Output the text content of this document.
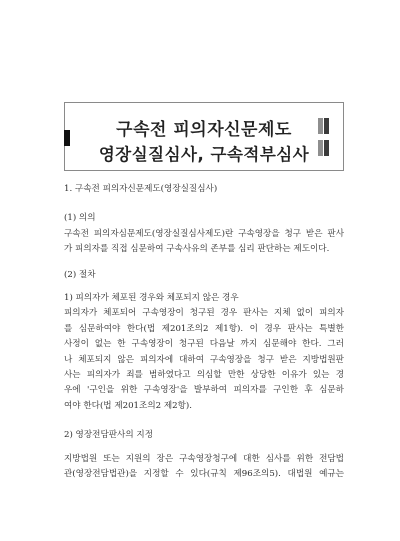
구속전 피의자신문제도
영장실질심사, 구속적부심사

1. 구속전 피의자신문제도(영장실질심사)

(1) 의의

구속전 피의자심문제도(영장실질심사제도)란 구속영장을 청구 받은 판사

가 피의자를 직접 심문하여 구속사유의 존부를 심리 판단하는 제도이다.

(2) 절차

1) 피의자가 체포된 경우와 체포되지 않은 경우

피의자가 체포되어 구속영장이 청구된 경우 판사는 지체 없이 피의자

를 심문하여야 한다(법 제201조의2 제1항). 이 경우 판사는 특별한

사정이 없는 한 구속영장이 청구된 다음날 까지 심문해야 한다. 그러

나 체포되지 않은 피의자에 대하여 구속영장을 청구 받은 지방법원판

사는 피의자가 죄를 범하였다고 의심할 만한 상당한 이유가 있는 경

우에 '구인을 위한 구속영장'을 발부하여 피의자를 구인한 후 심문하

여야 한다(법 제201조의2 제2항).

2) 영장전담판사의 지정

지방법원 또는 지원의 장은 구속영장청구에 대한 심사를 위한 전담법

관(영장전담법관)을 지정할 수 있다(규칙 제96조의5). 대법원 예규는
